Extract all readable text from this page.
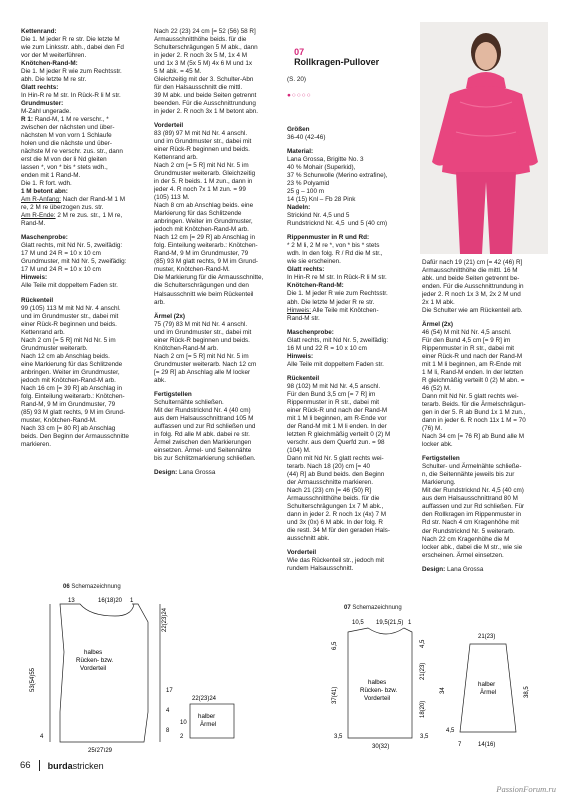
Kettenrand:
Die 1. M jeder R re str. Die letzte M
wie zum Linksstr. abh., dabei den Fd
vor der M weiterführen.
Knötchen-Rand-M:
Die 1. M jeder R wie zum Rechtsstr.
abh. Die letzte M re str.
Glatt rechts:
In Hin-R re M str. In Rück-R li M str.
Grundmuster:
M-Zahl ungerade.
R 1: Rand-M, 1 M re verschr., *
zwischen der nächsten und über-
nächsten M von vorn 1 Schlaufe
holen und die nächste und über-
nächste M re verschr. zus. str., dann
erst die M von der li Nd gleiten
lassen *, von * bis * stets wdh.,
enden mit 1 Rand-M.
Die 1. R fort. wdh.
1 M betont abn:
Am R-Anfang: Nach der Rand-M 1 M
re, 2 M re überzogen zus. str.
Am R-Ende: 2 M re zus. str., 1 M re,
Rand-M.
Maschenprobe:
Glatt rechts, mit Nd Nr. 5, zweifädig:
17 M und 24 R = 10 x 10 cm
Grundmuster, mit Nd Nr. 5, zweifädig:
17 M und 24 R = 10 x 10 cm
Hinweis:
Alle Teile mit doppeltem Faden str.
Rückenteil
99 (105) 113 M mit Nd Nr. 4 anschl.
und im Grundmuster str., dabei mit
einer Rück-R beginnen und beids.
Kettenrand arb.
Nach 2 cm [= 5 R] mit Nd Nr. 5 im
Grundmuster weiterarb.
Nach 12 cm ab Anschlag beids.
eine Markierung für das Schlitzende
anbringen. Weiter im Grundmuster,
jedoch mit Knötchen-Rand-M arb.
Nach 16 cm [= 39 R] ab Anschlag in
folg. Einteilung weiterarb.: Knötchen-
Rand-M, 9 M im Grundmuster, 79
(85) 93 M glatt rechts, 9 M im Grund-
muster, Knötchen-Rand-M.
Nach 33 cm [= 80 R] ab Anschlag
beids. Den Beginn der Armausschnitte
markieren.
Nach 22 (23) 24 cm [= 52 (56) 58 R]
Armausschnitthöhe beids. für die
Schulterschrägungen 5 M abk., dann
in jeder 2. R noch 3x 5 M, 1x 4 M
und 1x 3 M (5x 5 M) 4x 6 M und 1x
5 M abk. = 45 M.
Gleichzeitig mit der 3. Schulter-Abn
für den Halsausschnitt die mittl.
39 M abk. und beide Seiten getrennt
beenden. Für die Ausschnittrundung
in jeder 2. R noch 3x 1 M betont abn.
Vorderteil
83 (89) 97 M mit Nd Nr. 4 anschl.
und im Grundmuster str., dabei mit
einer Rück-R beginnen und beids.
Kettenrand arb.
Nach 2 cm [= 5 R] mit Nd Nr. 5 im
Grundmuster weiterarb. Gleichzeitig
in der 5. R beids. 1 M zun., dann in
jeder 4. R noch 7x 1 M zun. = 99
(105) 113 M.
Nach 8 cm ab Anschlag beids. eine
Markierung für das Schlitzende
anbringen. Weiter im Grundmuster,
jedoch mit Knötchen-Rand-M arb.
Nach 12 cm [= 29 R] ab Anschlag in
folg. Einteilung weiterarb.: Knötchen-
Rand-M, 9 M im Grundmuster, 79
(85) 93 M glatt rechts, 9 M im Grund-
muster, Knötchen-Rand-M.
Die Markierung für die Armausschnitte,
die Schulterschrägungen und den
Halsausschnitt wie beim Rückenteil
arb.
Ärmel (2x)
75 (79) 83 M mit Nd Nr. 4 anschl.
und im Grundmuster str., dabei mit
einer Rück-R beginnen und beids.
Knötchen-Rand-M arb.
Nach 2 cm [= 5 R] mit Nd Nr. 5 im
Grundmuster weiterarb. Nach 12 cm
[= 29 R] ab Anschlag alle M locker
abk.
Fertigstellen
Schulternähte schließen.
Mit der Rundstricknd Nr. 4 (40 cm)
aus dem Halsausschnittrand 105 M
auffassen und zur Rd schließen und
in folg. Rd alle M abk. dabei re str.
Ärmel zwischen den Markierungen
einsetzen. Ärmel- und Seitennähte
bis zur Schlitzmarkierung schließen.
Design: Lana Grossa

07
Rollkragen-Pullover

(S. 20)

●○○○○

Größen
36-40 (42-46)
Material:
Lana Grossa, Brigitte No. 3
40 % Mohair (Superkid),
37 % Schurwolle (Merino extrafine),
23 % Polyamid
25 g – 100 m
14 (15) Knl – Fb 28 Pink
Nadeln:
Strickind Nr. 4,5 und 5
Rundstricknd Nr. 4,5  und 5 (40 cm)
Rippenmuster in R und Rd:
* 2 M li, 2 M re *, von * bis * stets
wdh. In den folg. R / Rd die M str.,
wie sie erscheinen.
Glatt rechts:
In Hin-R re M str. In Rück-R li M str.
Knötchen-Rand-M:
Die 1. M jeder R wie zum Rechtsstr.
abh. Die letzte M jeder R re str.
Hinweis: Alle Teile mit Knötchen-
Rand-M str.
Maschenprobe:
Glatt rechts, mit Nd Nr. 5, zweifädig:
16 M und 22 R = 10 x 10 cm
Hinweis:
Alle Teile mit doppeltem Faden str.
Rückenteil
98 (102) M mit Nd Nr. 4,5 anschl.
Für den Bund 3,5 cm [= 7 R] im
Rippenmuster in R str., dabei mit
einer Rück-R und nach der Rand-M
mit 1 M li beginnen, am R-Ende vor
der Rand-M mit 1 M li enden. In der
letzten R gleichmäßig verteilt 0 (2) M
verschr. aus dem Querfd zun. = 98
(104) M.
Dann mit Nd Nr. 5 glatt rechts wei-
terarb. Nach 18 (20) cm [= 40
(44) R] ab Bund beids. den Beginn
der Armausschnitte markieren.
Nach 21 (23) cm [= 46 (50) R]
Armausschnitthöhe beids. für die
Schulterschrägungen 1x 7 M abk.,
dann in jeder 2. R noch 1x (4x) 7 M
und 3x (0x) 6 M abk. In der folg. R
die restl. 34 M für den geraden Hals-
ausschnitt abk.
Vorderteil
Wie das Rückenteil str., jedoch mit
rundem Halsausschnitt.

06 Schemazeichnung
13	16(18)20 1
22(23)24
17
4
8
53(54)55
4
halbes
Rücken- bzw.
Vorderteil
25(27)29
22(23)24
halber
Ärmel
2
10
07 Schemazeichnung
10,5 19,5(21,5) 1
6,5
37(41)
3,5
4,5
21(23)
18(20)
3,5
halbes
Rücken- bzw.
Vorderteil
30(32)
21(23)
34	38,5
4,5
7	14(16)
halber
Ärmel
Dafür nach 19 (21) cm [= 42 (46) R]
Armausschnitthöhe die mittl. 16 M
abk. und beide Seiten getrennt be-
enden. Für die Ausschnittrundung in
jeder 2. R noch 1x 3 M, 2x 2 M und
2x 1 M abk.
Die Schulter wie am Rückenteil arb.
Ärmel (2x)
46 (54) M mit Nd Nr. 4,5 anschl.
Für den Bund 4,5 cm [= 9 R] im
Rippenmuster in R str., dabei mit
einer Rück-R und nach der Rand-M
mit 1 M li beginnen, am R-Ende mit
1 M li, Rand-M enden. In der letzten
R gleichmäßig verteilt 0 (2) M abn. =
46 (52) M.
Dann mit Nd Nr. 5 glatt rechts wei-
terarb. Beids. für die Ärmelschrägun-
gen in der 5. R ab Bund 1x 1 M zun.,
dann in jeder 6. R noch 11x 1 M = 70
(76) M.
Nach 34 cm [= 76 R] ab Bund alle M
locker abk.
Fertigstellen
Schulter- und Ärmelnähte schließe-
n, die Seitennähte jeweils bis zur
Markierung.
Mit der Rundstricknd Nr. 4,5 (40 cm)
aus dem Halsausschnittrand 80 M
auffassen und zur Rd schließen. Für
den Rollkragen im Rippenmuster in
Rd str. Nach 4 cm Kragenhöhe mit
der Rundstricknd Nr. 5 weiterarb.
Nach 22 cm Kragenhöhe die M
locker abk., dabei die M str., wie sie
erscheinen. Ärmel einsetzen.
Design: Lana Grossa
66 burdastricken
PassionForum.ru
